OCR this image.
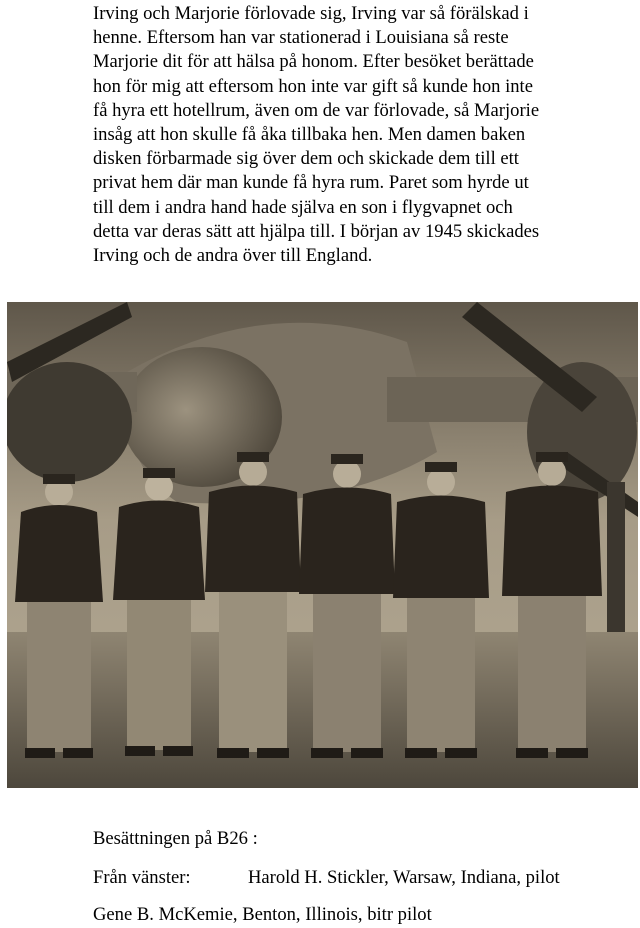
Irving och Marjorie förlovade sig, Irving var så förälskad i
henne. Eftersom han var stationerad i Louisiana så reste
Marjorie dit för att hälsa på honom. Efter besöket berättade
hon för mig att eftersom hon inte var gift så kunde hon inte
få hyra ett hotellrum, även om de var förlovade, så Marjorie
insåg att hon skulle få åka tillbaka hen. Men damen baken
disken förbarmade sig över dem och skickade dem till ett
privat hem där man kunde få hyra rum. Paret som hyrde ut
till dem i andra hand hade själva en son i flygvapnet och
detta var deras sätt att hjälpa till. I början av 1945 skickades
Irving och de andra över till England.

Besättningen på B26 :

Från vänster:	Harold H. Stickler, Warsaw, Indiana, pilot
Gene B. McKemie, Benton, Illinois, bitr pilot
